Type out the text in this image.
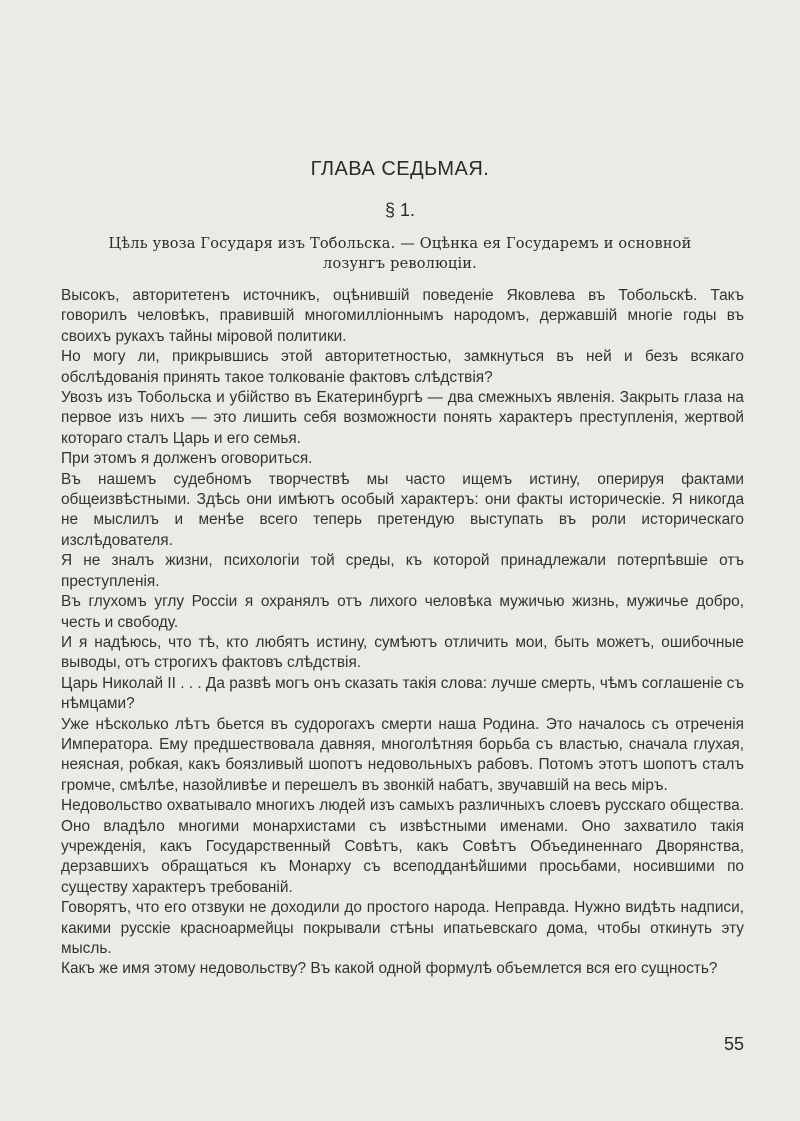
ГЛАВА СЕДЬМАЯ.
§ 1.
Цѣль увоза Государя изъ Тобольска. — Оцѣнка ея Государемъ и основной
лозунгъ революціи.

Высокъ, авторитетенъ источникъ, оцѣнившій поведеніе Яковлева въ Тобольскѣ. Такъ говорилъ человѣкъ, правившій многомилліоннымъ народомъ, державшій многіе годы въ своихъ рукахъ тайны міровой политики.

Но могу ли, прикрывшись этой авторитетностью, замкнуться въ ней и безъ всякаго обслѣдованія принять такое толкованіе фактовъ слѣдствія?

Увозъ изъ Тобольска и убійство въ Екатеринбургѣ — два смежныхъ явленія. Закрыть глаза на первое изъ нихъ — это лишить себя возможности понять характеръ преступленія, жертвой котораго сталъ Царь и его семья.

При этомъ я долженъ оговориться.

Въ нашемъ судебномъ творчествѣ мы часто ищемъ истину, оперируя фактами общеизвѣстными. Здѣсь они имѣютъ особый характеръ: они факты историческіе. Я никогда не мыслилъ и менѣе всего теперь претендую выступать въ роли историческаго изслѣдователя.

Я не зналъ жизни, психологіи той среды, къ которой принадлежали потерпѣвшіе отъ преступленія.

Въ глухомъ углу Россіи я охранялъ отъ лихого человѣка мужичью жизнь, мужичье добро, честь и свободу.

И я надѣюсь, что тѣ, кто любятъ истину, сумѣютъ отличить мои, быть можетъ, ошибочные выводы, отъ строгихъ фактовъ слѣдствія.

Царь Николай II . . . Да развѣ могъ онъ сказать такія слова: лучше смерть, чѣмъ соглашеніе съ нѣмцами?

Уже нѣсколько лѣтъ бьется въ судорогахъ смерти наша Родина. Это началось съ отреченія Императора. Ему предшествовала давняя, многолѣтняя борьба съ властью, сначала глухая, неясная, робкая, какъ боязливый шопотъ недовольныхъ рабовъ. Потомъ этотъ шопотъ сталъ громче, смѣлѣе, назойливѣе и перешелъ въ звонкій набатъ, звучавшій на весь міръ.

Недовольство охватывало многихъ людей изъ самыхъ различныхъ слоевъ русскаго общества. Оно владѣло многими монархистами съ извѣстными именами. Оно захватило такія учрежденія, какъ Государственный Совѣтъ, какъ Совѣтъ Объединеннаго Дворянства, дерзавшихъ обращаться къ Монарху съ всеподданѣйшими просьбами, носившими по существу характеръ требованій.

Говорятъ, что его отзвуки не доходили до простого народа. Неправда. Нужно видѣть надписи, какими русскіе красноармейцы покрывали стѣны ипатьевскаго дома, чтобы откинуть эту мысль.

Какъ же имя этому недовольству? Въ какой одной формулѣ объемлется вся его сущность?

55
